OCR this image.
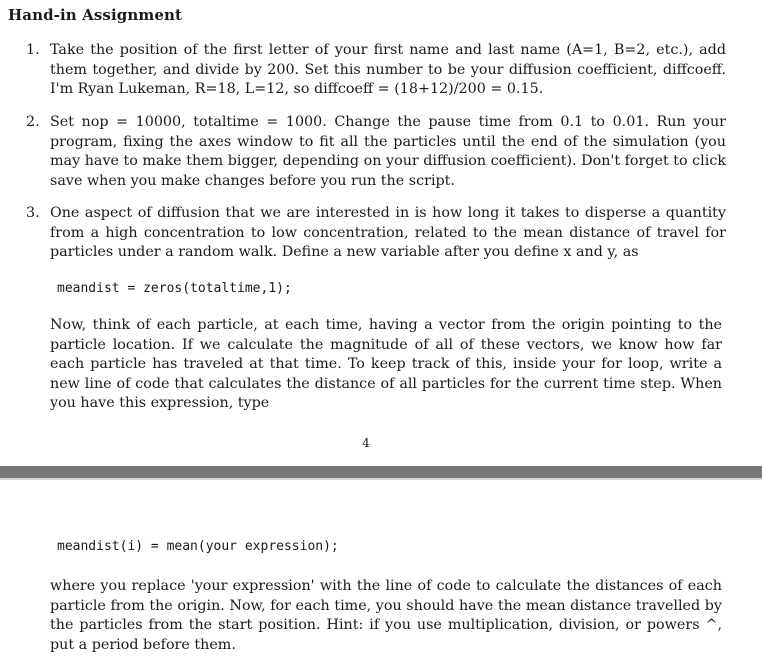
Hand-in Assignment
1. Take the position of the first letter of your first name and last name (A=1, B=2, etc.), add them together, and divide by 200. Set this number to be your diffusion coefficient, diffcoeff. I'm Ryan Lukeman, R=18, L=12, so diffcoeff = (18+12)/200 = 0.15.
2. Set nop = 10000, totaltime = 1000. Change the pause time from 0.1 to 0.01. Run your program, fixing the axes window to fit all the particles until the end of the simulation (you may have to make them bigger, depending on your diffusion coefficient). Don't forget to click save when you make changes before you run the script.
3. One aspect of diffusion that we are interested in is how long it takes to disperse a quantity from a high concentration to low concentration, related to the mean distance of travel for particles under a random walk. Define a new variable after you define x and y, as
meandist = zeros(totaltime,1);
Now, think of each particle, at each time, having a vector from the origin pointing to the particle location. If we calculate the magnitude of all of these vectors, we know how far each particle has traveled at that time. To keep track of this, inside your for loop, write a new line of code that calculates the distance of all particles for the current time step. When you have this expression, type
4
meandist(i) = mean(your expression);
where you replace 'your expression' with the line of code to calculate the distances of each particle from the origin. Now, for each time, you should have the mean distance travelled by the particles from the start position. Hint: if you use multiplication, division, or powers ^, put a period before them.
